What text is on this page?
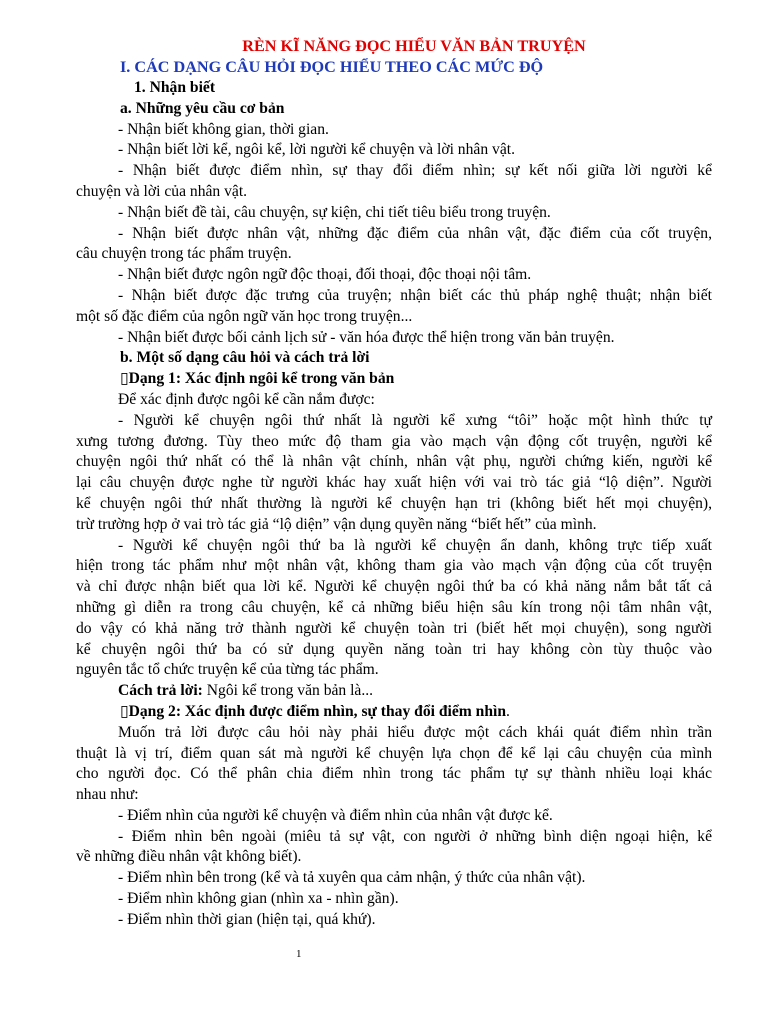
RÈN KĨ NĂNG ĐỌC HIỂU VĂN BẢN TRUYỆN
I. CÁC DẠNG CÂU HỎI ĐỌC HIỂU THEO CÁC MỨC ĐỘ
1. Nhận biết
a. Những yêu cầu cơ bản
- Nhận biết không gian, thời gian.
- Nhận biết lời kể, ngôi kể, lời người kể chuyện và lời nhân vật.
- Nhận biết được điểm nhìn, sự thay đổi điểm nhìn; sự kết nối giữa lời người kể
chuyện và lời của nhân vật.
- Nhận biết đề tài, câu chuyện, sự kiện, chi tiết tiêu biểu trong truyện.
- Nhận biết được nhân vật, những đặc điểm của nhân vật, đặc điểm của cốt truyện,
câu chuyện trong tác phẩm truyện.
- Nhận biết được ngôn ngữ độc thoại, đối thoại, độc thoại nội tâm.
- Nhận biết được đặc trưng của truyện; nhận biết các thủ pháp nghệ thuật; nhận biết
một số đặc điểm của ngôn ngữ văn học trong truyện...
- Nhận biết được bối cảnh lịch sử - văn hóa được thể hiện trong văn bản truyện.
b. Một số dạng câu hỏi và cách trả lời
▯Dạng 1: Xác định ngôi kể trong văn bản
Để xác định được ngôi kể cần nắm được:
- Người kể chuyện ngôi thứ nhất là người kể xưng “tôi” hoặc một hình thức tự
xưng tương đương. Tùy theo mức độ tham gia vào mạch vận động cốt truyện, người kể
chuyện ngôi thứ nhất có thể là nhân vật chính, nhân vật phụ, người chứng kiến, người kể
lại câu chuyện được nghe từ người khác hay xuất hiện với vai trò tác giả “lộ diện”. Người
kể chuyện ngôi thứ nhất thường là người kể chuyện hạn tri (không biết hết mọi chuyện),
trừ trường hợp ở vai trò tác giả “lộ diện” vận dụng quyền năng “biết hết” của mình.
- Người kể chuyện ngôi thứ ba là người kể chuyện ẩn danh, không trực tiếp xuất
hiện trong tác phẩm như một nhân vật, không tham gia vào mạch vận động của cốt truyện
và chỉ được nhận biết qua lời kể. Người kể chuyện ngôi thứ ba có khả năng nắm bắt tất cả
những gì diễn ra trong câu chuyện, kể cả những biểu hiện sâu kín trong nội tâm nhân vật,
do vậy có khả năng trở thành người kể chuyện toàn tri (biết hết mọi chuyện), song người
kể chuyện ngôi thứ ba có sử dụng quyền năng toàn tri hay không còn tùy thuộc vào
nguyên tắc tổ chức truyện kể của từng tác phẩm.
Cách trả lời: Ngôi kể trong văn bản là...
▯Dạng 2: Xác định được điểm nhìn, sự thay đổi điểm nhìn.
Muốn trả lời được câu hỏi này phải hiểu được một cách khái quát điểm nhìn trần
thuật là vị trí, điểm quan sát mà người kể chuyện lựa chọn để kể lại câu chuyện của mình
cho người đọc. Có thể phân chia điểm nhìn trong tác phẩm tự sự thành nhiều loại khác
nhau như:
- Điểm nhìn của người kể chuyện và điểm nhìn của nhân vật được kể.
- Điểm nhìn bên ngoài (miêu tả sự vật, con người ở những bình diện ngoại hiện, kể
về những điều nhân vật không biết).
- Điểm nhìn bên trong (kể và tả xuyên qua cảm nhận, ý thức của nhân vật).
- Điểm nhìn không gian (nhìn xa - nhìn gần).
- Điểm nhìn thời gian (hiện tại, quá khứ).
1
